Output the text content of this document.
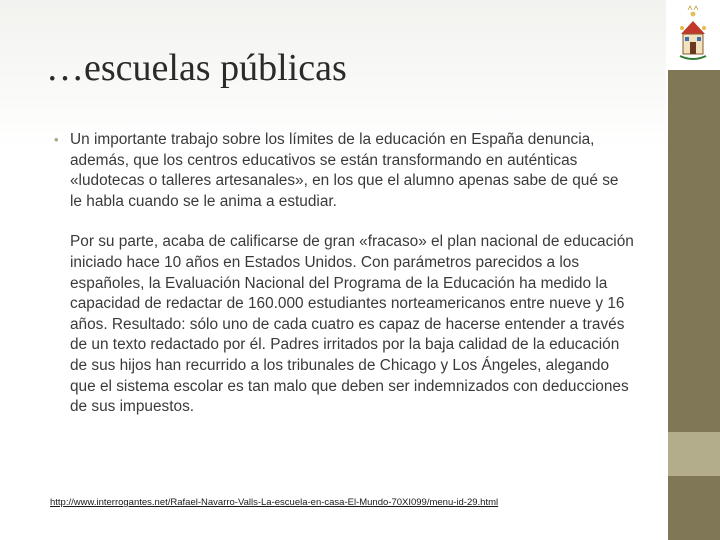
…escuelas públicas

• Un importante trabajo sobre los límites de la educación en España denuncia, además, que los centros educativos se están transformando en auténticas «ludotecas o talleres artesanales», en los que el alumno apenas sabe de qué se le habla cuando se le anima a estudiar.

Por su parte, acaba de calificarse de gran «fracaso» el plan nacional de educación iniciado hace 10 años en Estados Unidos. Con parámetros parecidos a los españoles, la Evaluación Nacional del Programa de la Educación ha medido la capacidad de redactar de 160.000 estudiantes norteamericanos entre nueve y 16 años. Resultado: sólo uno de cada cuatro es capaz de hacerse entender a través de un texto redactado por él. Padres irritados por la baja calidad de la educación de sus hijos han recurrido a los tribunales de Chicago y Los Ángeles, alegando que el sistema escolar es tan malo que deben ser indemnizados con deducciones de sus impuestos.

http://www.interrogantes.net/Rafael-Navarro-Valls-La-escuela-en-casa-El-Mundo-70XI099/menu-id-29.html
